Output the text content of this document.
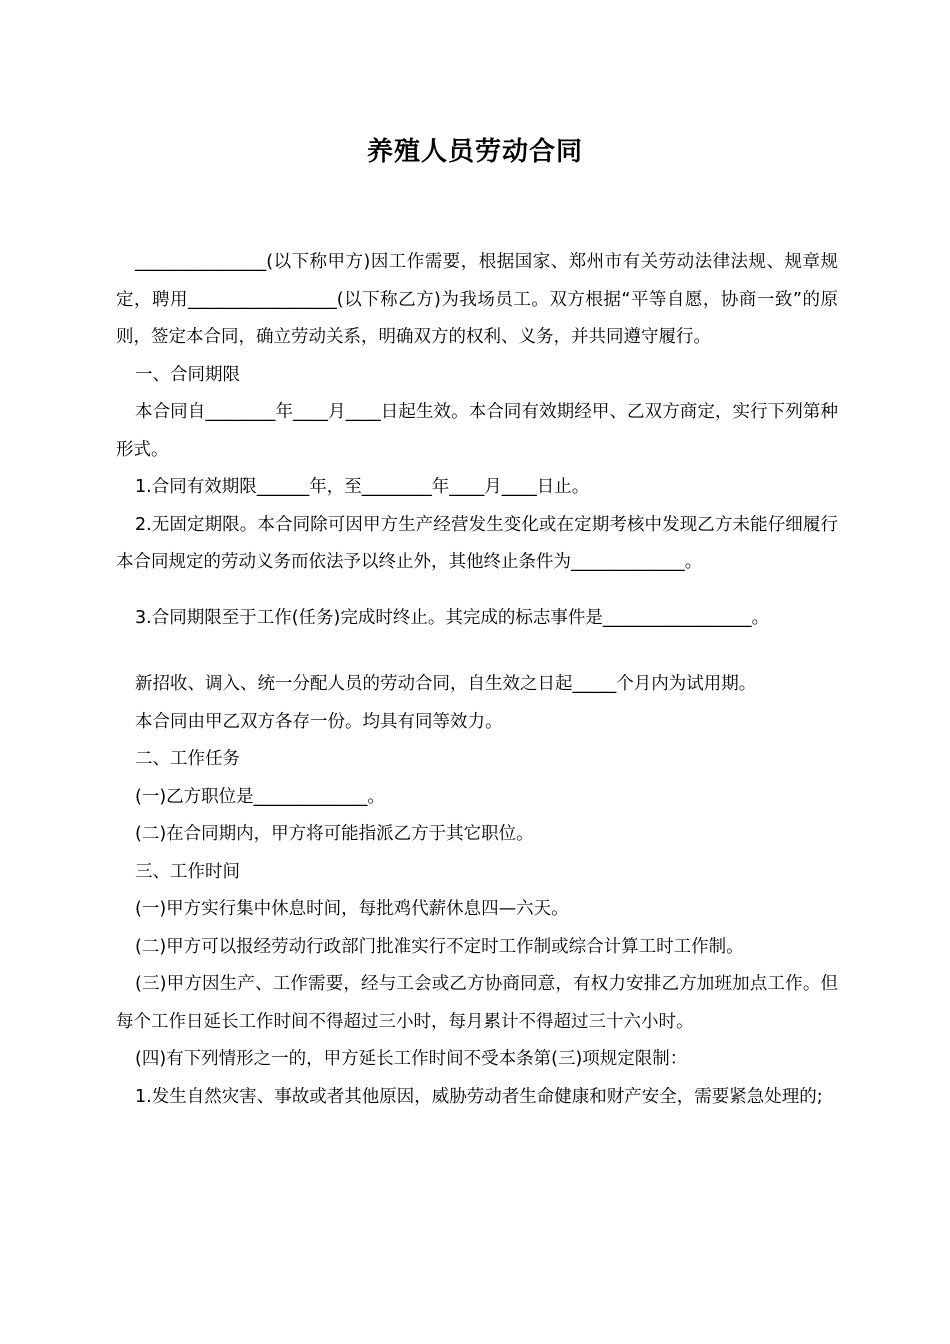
养殖人员劳动合同

_______________(以下称甲方)因工作需要，根据国家、郑州市有关劳动法律法规、规章规定，聘用_________________(以下称乙方)为我场员工。双方根据“平等自愿，协商一致”的原则，签定本合同，确立劳动关系，明确双方的权利、义务，并共同遵守履行。

一、合同期限

本合同自________年____月____日起生效。本合同有效期经甲、乙双方商定，实行下列第种形式。

1.合同有效期限______年，至________年____月____日止。

2.无固定期限。本合同除可因甲方生产经营发生变化或在定期考核中发现乙方未能仔细履行本合同规定的劳动义务而依法予以终止外，其他终止条件为_____________。

3.合同期限至于工作(任务)完成时终止。其完成的标志事件是_________________。

新招收、调入、统一分配人员的劳动合同，自生效之日起_____个月内为试用期。

本合同由甲乙双方各存一份。均具有同等效力。

二、工作任务

(一)乙方职位是_____________。

(二)在合同期内，甲方将可能指派乙方于其它职位。

三、工作时间

(一)甲方实行集中休息时间，每批鸡代薪休息四—六天。

(二)甲方可以报经劳动行政部门批准实行不定时工作制或综合计算工时工作制。

(三)甲方因生产、工作需要，经与工会或乙方协商同意，有权力安排乙方加班加点工作。但每个工作日延长工作时间不得超过三小时，每月累计不得超过三十六小时。

(四)有下列情形之一的，甲方延长工作时间不受本条第(三)项规定限制：

1.发生自然灾害、事故或者其他原因，威胁劳动者生命健康和财产安全，需要紧急处理的;
